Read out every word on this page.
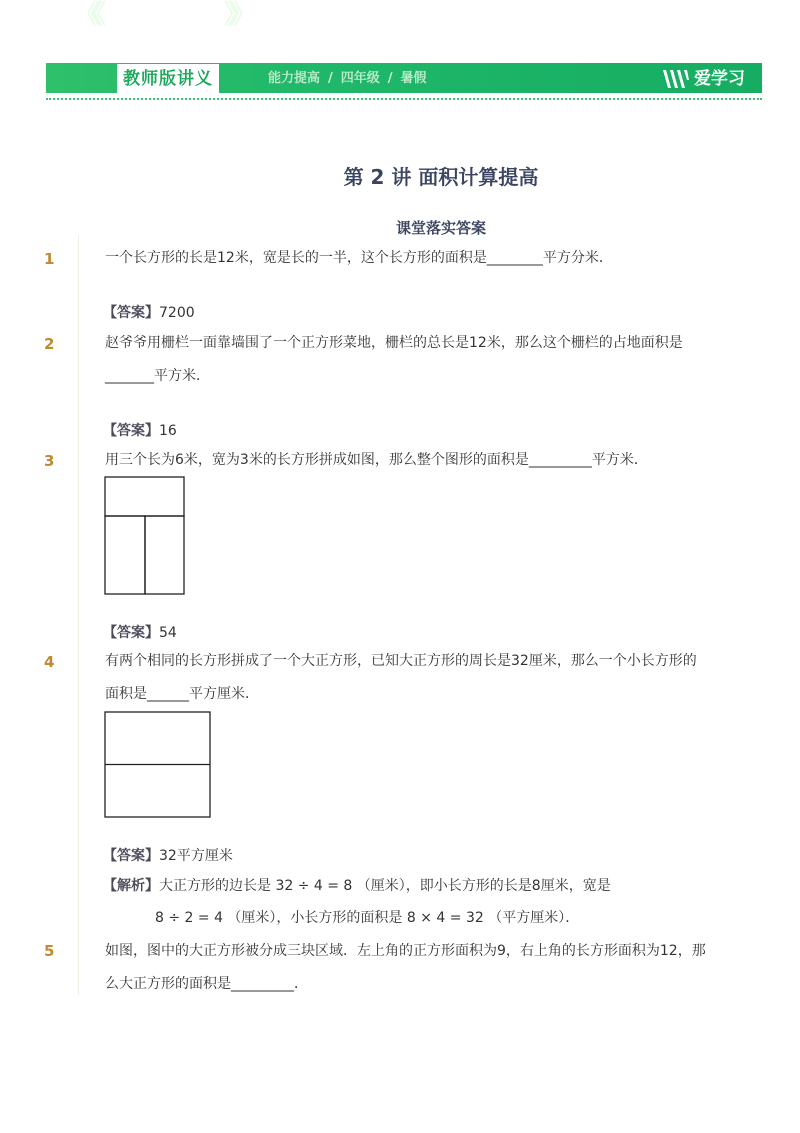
《《
教师版讲义
》》
能力提高 / 四年级 / 暑假	爱学习
第 2 讲 面积计算提高
课堂落实答案
1	一个长方形的长是12米，宽是长的一半，这个长方形的面积是________平方分米．
【答案】7200
2	赵爷爷用栅栏一面靠墙围了一个正方形菜地，栅栏的总长是12米，那么这个栅栏的占地面积是
_______平方米．
【答案】16
3	用三个长为6米，宽为3米的长方形拼成如图，那么整个图形的面积是_________平方米．
【答案】54
4	有两个相同的长方形拼成了一个大正方形，已知大正方形的周长是32厘米，那么一个小长方形的
面积是______平方厘米．
【答案】32平方厘米
【解析】大正方形的边长是 32 ÷ 4 = 8 （厘米），即小长方形的长是8厘米，宽是
8 ÷ 2 = 4 （厘米），小长方形的面积是 8 × 4 = 32 （平方厘米）．
5	如图，图中的大正方形被分成三块区域．左上角的正方形面积为9，右上角的长方形面积为12，那
么大正方形的面积是_________．
